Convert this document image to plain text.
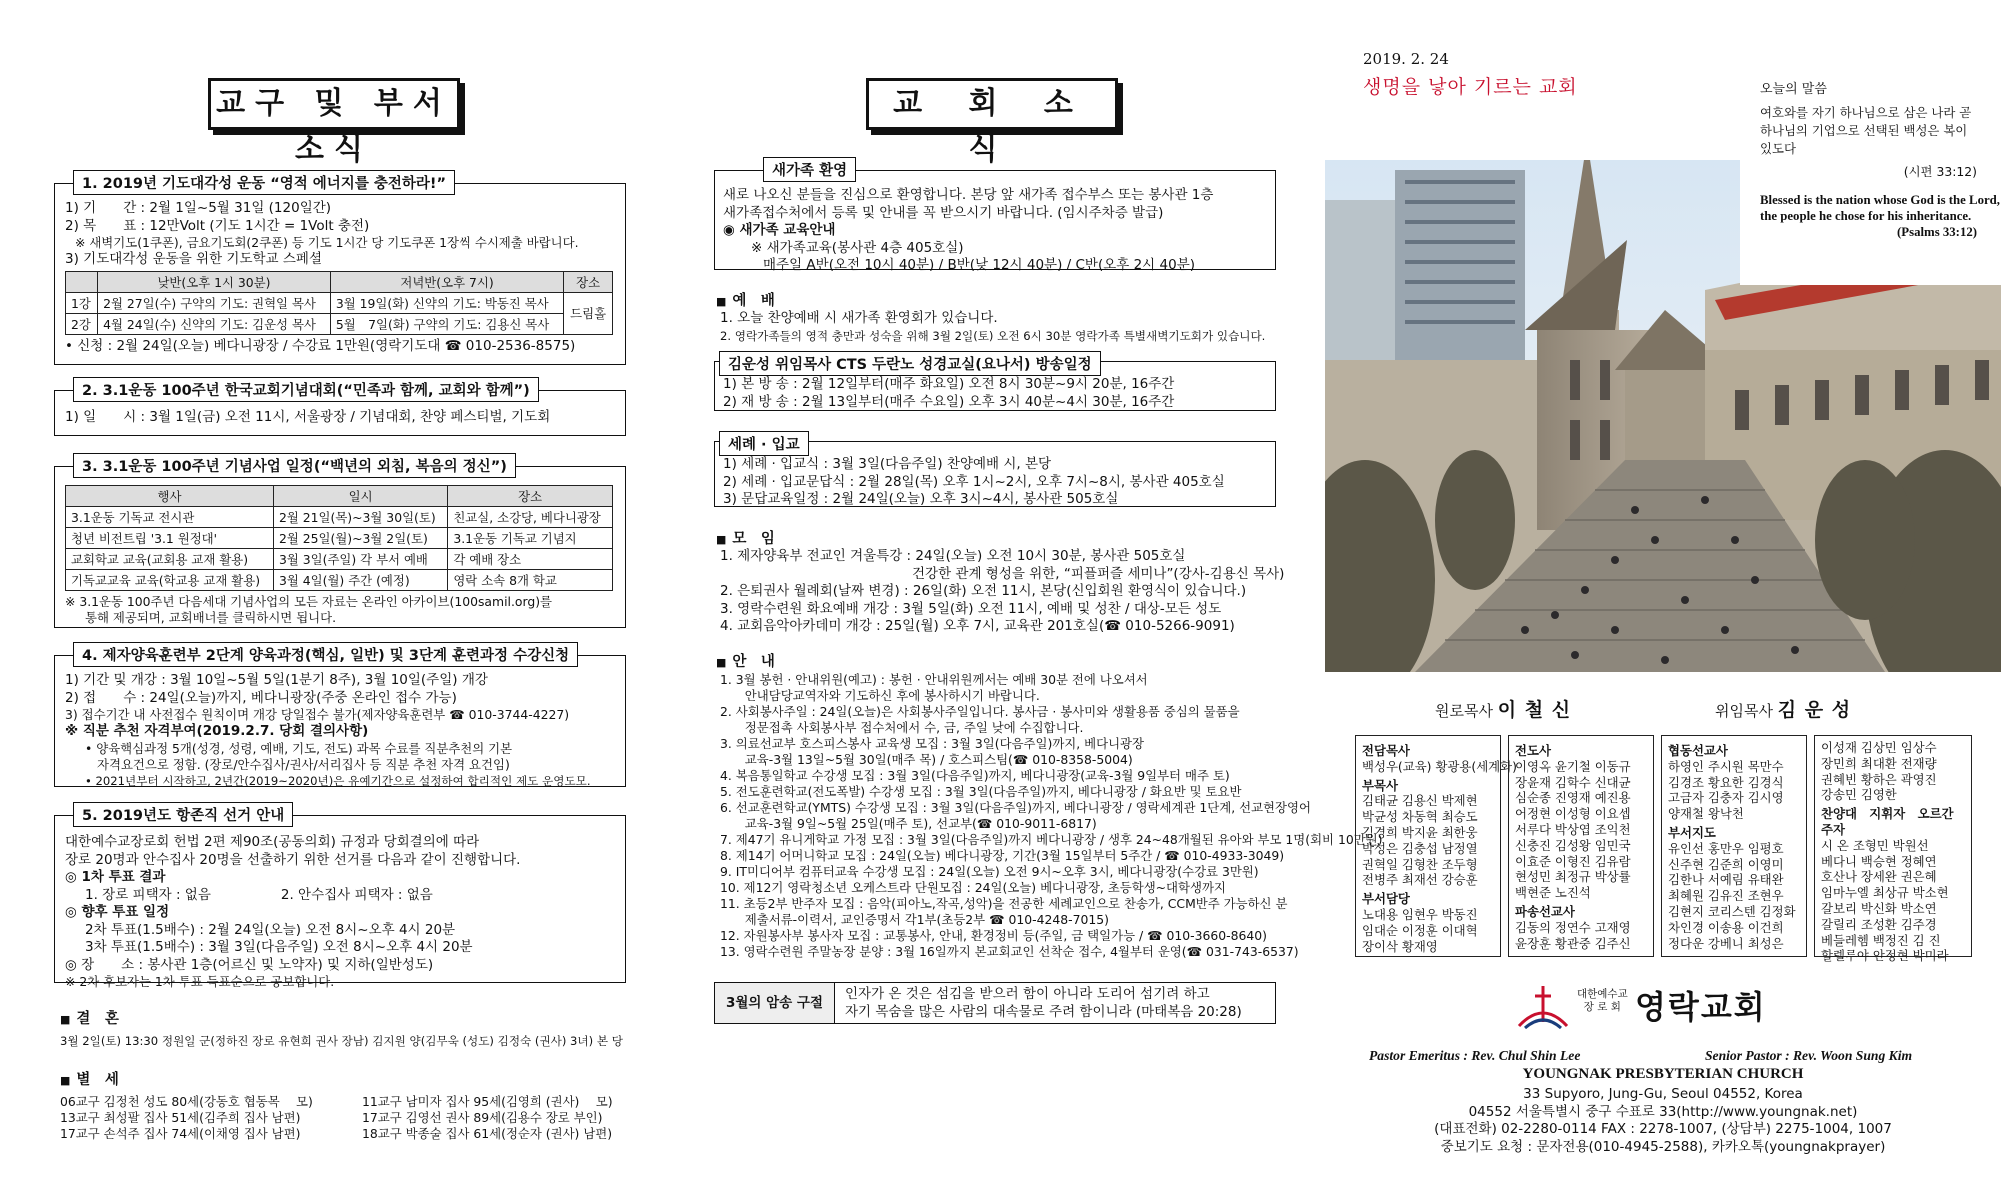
교구 및 부서소식
1. 2019년 기도대각성 운동 “영적 에너지를 충전하라!”
1) 기　　간 : 2월 1일~5월 31일 (120일간)
2) 목　　표 : 12만Volt (기도 1시간 = 1Volt 충전)
※ 새벽기도(1쿠폰), 금요기도회(2쿠폰) 등 기도 1시간 당 기도쿠폰 1장씩 수시제출 바랍니다.
3) 기도대각성 운동을 위한 기도학교 스페셜
	낮반(오후 1시 30분)	저녁반(오후 7시)	장소
1강	2월 27일(수) 구약의 기도: 권혁일 목사	3월 19일(화) 신약의 기도: 박동진 목사	드림홀
2강	4월 24일(수) 신약의 기도: 김운성 목사	5월　7일(화) 구약의 기도: 김용신 목사	
• 신청 : 2월 24일(오늘) 베다니광장 / 수강료 1만원(영락기도대 ☎ 010-2536-8575)
2. 3.1운동 100주년 한국교회기념대회(“민족과 함께, 교회와 함께”)
1) 일　　시 : 3월 1일(금) 오전 11시, 서울광장 / 기념대회, 찬양 페스티벌, 기도회
3. 3.1운동 100주년 기념사업 일정(“백년의 외침, 복음의 정신”)
행사	일시	장소
3.1운동 기독교 전시관	2월 21일(목)~3월 30일(토)	친교실, 소강당, 베다니광장
청년 비전트립 '3.1 원정대'	2월 25일(월)~3월 2일(토)	3.1운동 기독교 기념지
교회학교 교육(교회용 교재 활용)	3월 3일(주일) 각 부서 예배	각 예배 장소
기독교교육 교육(학교용 교재 활용)	3월 4일(월) 주간 (예정)	영락 소속 8개 학교
※ 3.1운동 100주년 다음세대 기념사업의 모든 자료는 온라인 아카이브(100samil.org)를
통해 제공되며, 교회배너를 클릭하시면 됩니다.
4. 제자양육훈련부 2단계 양육과정(핵심, 일반) 및 3단계 훈련과정 수강신청
1) 기간 및 개강 : 3월 10일~5월 5일(1분기 8주), 3월 10일(주일) 개강
2) 접　　수 : 24일(오늘)까지, 베다니광장(주중 온라인 접수 가능)
3) 접수기간 내 사전접수 원칙이며 개강 당일접수 불가(제자양육훈련부 ☎ 010-3744-4227)
※ 직분 추천 자격부여(2019.2.7. 당회 결의사항)
• 양육핵심과정 5개(성경, 성령, 예배, 기도, 전도) 과목 수료를 직분추천의 기본
자격요건으로 정함. (장로/안수집사/권사/서리집사 등 직분 추천 자격 요건임)
• 2021년부터 시작하고, 2년간(2019~2020년)은 유예기간으로 설정하여 합리적인 제도 운영도모.
5. 2019년도 항존직 선거 안내
대한예수교장로회 헌법 2편 제90조(공동의회) 규정과 당회결의에 따라
장로 20명과 안수집사 20명을 선출하기 위한 선거를 다음과 같이 진행합니다.
◎ 1차 투표 결과
1. 장로 피택자 : 없음	2. 안수집사 피택자 : 없음
◎ 향후 투표 일정
2차 투표(1.5배수) : 2월 24일(오늘) 오전 8시~오후 4시 20분
3차 투표(1.5배수) : 3월 3일(다음주일) 오전 8시~오후 4시 20분
◎ 장　　소 : 봉사관 1층(어르신 및 노약자) 및 지하(일반성도)
※ 2차 후보자는 1차 투표 득표순으로 공보합니다.
■ 결　혼
3월 2일(토) 13:30 정원일 군(정하진 장로 유현희 권사 장남) 김지원 양(김무욱 (성도) 김정숙 (권사) 3녀) 본 당
■ 별　세
06교구 김정천 성도 80세(강동호 협동목 　모)
13교구 최성팔 집사 51세(김주희 집사 남편)
17교구 손석주 집사 74세(이채영 집사 남편)
11교구 남미자 집사 95세(김영희 (권사) 　모)
17교구 김영선 권사 89세(김용수 장로 부인)
18교구 박종술 집사 61세(정순자 (권사) 남편)
교 회 소 식
새가족 환영
새로 나오신 분들을 진심으로 환영합니다. 본당 앞 새가족 접수부스 또는 봉사관 1층
새가족접수처에서 등록 및 안내를 꼭 받으시기 바랍니다. (임시주차증 발급)
◉ 새가족 교육안내
※ 새가족교육(봉사관 4층 405호실)
매주일 A반(오전 10시 40분) / B반(낮 12시 40분) / C반(오후 2시 40분)
■ 예　배
1. 오늘 찬양예배 시 새가족 환영회가 있습니다.
2. 영락가족들의 영적 충만과 성숙을 위해 3월 2일(토) 오전 6시 30분 영락가족 특별새벽기도회가 있습니다.
김운성 위임목사 CTS 두란노 성경교실(요나서) 방송일정
1) 본 방 송 : 2월 12일부터(매주 화요일) 오전 8시 30분~9시 20분, 16주간
2) 재 방 송 : 2월 13일부터(매주 수요일) 오후 3시 40분~4시 30분, 16주간
세례 · 입교
1) 세례 · 입교식 : 3월 3일(다음주일) 찬양예배 시, 본당
2) 세례 · 입교문답식 : 2월 28일(목) 오후 1시~2시, 오후 7시~8시, 봉사관 405호실
3) 문답교육일정 : 2월 24일(오늘) 오후 3시~4시, 봉사관 505호실
■ 모　임
1. 제자양육부 전교인 겨울특강 : 24일(오늘) 오전 10시 30분, 봉사관 505호실
건강한 관계 형성을 위한, “피플퍼즐 세미나”(강사-김용신 목사)
2. 은퇴권사 월례회(날짜 변경) : 26일(화) 오전 11시, 본당(신입회원 환영식이 있습니다.)
3. 영락수련원 화요예배 개강 : 3월 5일(화) 오전 11시, 예배 및 성찬 / 대상-모든 성도
4. 교회음악아카데미 개강 : 25일(월) 오후 7시, 교육관 201호실(☎ 010-5266-9091)
■ 안　내
1. 3월 봉헌 · 안내위원(예고) : 봉헌 · 안내위원께서는 예배 30분 전에 나오셔서
　　안내담당교역자와 기도하신 후에 봉사하시기 바랍니다.
2. 사회봉사주일 : 24일(오늘)은 사회봉사주일입니다. 봉사금 · 봉사미와 생활용품 중심의 물품을
　　정문접촉 사회봉사부 접수처에서 수, 금, 주일 낮에 수집합니다.
3. 의료선교부 호스피스봉사 교육생 모집 : 3월 3일(다음주일)까지, 베다니광장
　　교육-3월 13일~5월 30일(매주 목) / 호스피스팀(☎ 010-8358-5004)
4. 복음통일학교 수강생 모집 : 3월 3일(다음주일)까지, 베다니광장(교육-3월 9일부터 매주 토)
5. 전도훈련학교(전도폭발) 수강생 모집 : 3월 3일(다음주일)까지, 베다니광장 / 화요반 및 토요반
6. 선교훈련학교(YMTS) 수강생 모집 : 3월 3일(다음주일)까지, 베다니광장 / 영락세계관 1단계, 선교현장영어
　　교육-3월 9일~5월 25일(매주 토), 선교부(☎ 010-9011-6817)
7. 제47기 유니게학교 가정 모집 : 3월 3일(다음주일)까지 베다니광장 / 생후 24~48개월된 유아와 부모 1명(회비 10만원)
8. 제14기 어머니학교 모집 : 24일(오늘) 베다니광장, 기간(3월 15일부터 5주간 / ☎ 010-4933-3049)
9. IT미디어부 컴퓨터교육 수강생 모집 : 24일(오늘) 오전 9시~오후 3시, 베다니광장(수강료 3만원)
10. 제12기 영락청소년 오케스트라 단원모집 : 24일(오늘) 베다니광장, 초등학생~대학생까지
11. 초등2부 반주자 모집 : 음악(피아노,작곡,성악)을 전공한 세례교인으로 찬송가, CCM반주 가능하신 분
　　제출서류-이력서, 교인증명서 각1부(초등2부 ☎ 010-4248-7015)
12. 자원봉사부 봉사자 모집 : 교통봉사, 안내, 환경정비 등(주일, 금 택일가능 / ☎ 010-3660-8640)
13. 영락수련원 주말농장 분양 : 3월 16일까지 본교회교인 선착순 접수, 4월부터 운영(☎ 031-743-6537)
3월의 암송 구절
인자가 온 것은 섬김을 받으러 함이 아니라 도리어 섬기려 하고
자기 목숨을 많은 사람의 대속물로 주려 함이니라 (마태복음 20:28)
2019. 2. 24
생명을 낳아 기르는 교회	오늘의 말씀
여호와를 자기 하나님으로 삼은 나라 곧
하나님의 기업으로 선택된 백성은 복이
있도다
(시편 33:12)
Blessed is the nation whose God is the Lord,
the people he chose for his inheritance.
(Psalms 33:12)
원로목사 이 철 신	위임목사 김 운 성
전담목사
백성우(교육) 황광용(세계화)
부목사
김태균 김용신 박제현
박균성 차동혁 최승도
김경희 박지윤 최한웅
박성은 김충섭 남정열
권혁일 김형찬 조두형
전병주 최재선 강승훈
부서담당
노대용 임현우 박동진
임대순 이정훈 이대혁
장이삭 황재영
전도사
이영옥 윤기철 이동규
장윤재 김학수 신대균
심순종 진영재 예진용
어정현 이성형 이요셉
서루다 박상엽 조익천
신충진 김성왕 임민국
이효준 이형진 김유람
현성민 최정규 박상률
백현준 노진석
파송선교사
김동의 정연수 고재영
윤장훈 황관중 김주신
협동선교사
하영인 주시원 목만수
김경조 황요한 김경식
고금자 김충자 김시영
양재철 왕낙천
부서지도
유인선 홍만우 임평호
신주현 김준희 이영미
김한나 서예림 유태완
최혜원 김유진 조현우
김현지 코리스텐 김정화
차인경 이송용 이건희
정다운 강베니 최성은
이성재 김상민 임상수
장민희 최대환 전재량
권혜빈 황하은 곽영진
강송민 김영한
찬양대　지휘자　오르간주자
시 온 조형민 박원선
베다니 백승현 정혜연
호산나 장세완 권은혜
임마누엘 최상규 박소현
갈보리 박신화 박소연
갈릴리 조성환 김주경
베들레헴 백정진 김 진
할렐루야 안정현 박미라
대한예수교
장 로 회 영락교회
Pastor Emeritus : Rev. Chul Shin Lee	Senior Pastor : Rev. Woon Sung Kim
YOUNGNAK PRESBYTERIAN CHURCH
33 Supyoro, Jung-Gu, Seoul 04552, Korea
04552 서울특별시 중구 수표로 33(http://www.youngnak.net)
(대표전화) 02-2280-0114 FAX : 2278-1007, (상담부) 2275-1004, 1007
중보기도 요청 : 문자전용(010-4945-2588), 카카오톡(youngnakprayer)
